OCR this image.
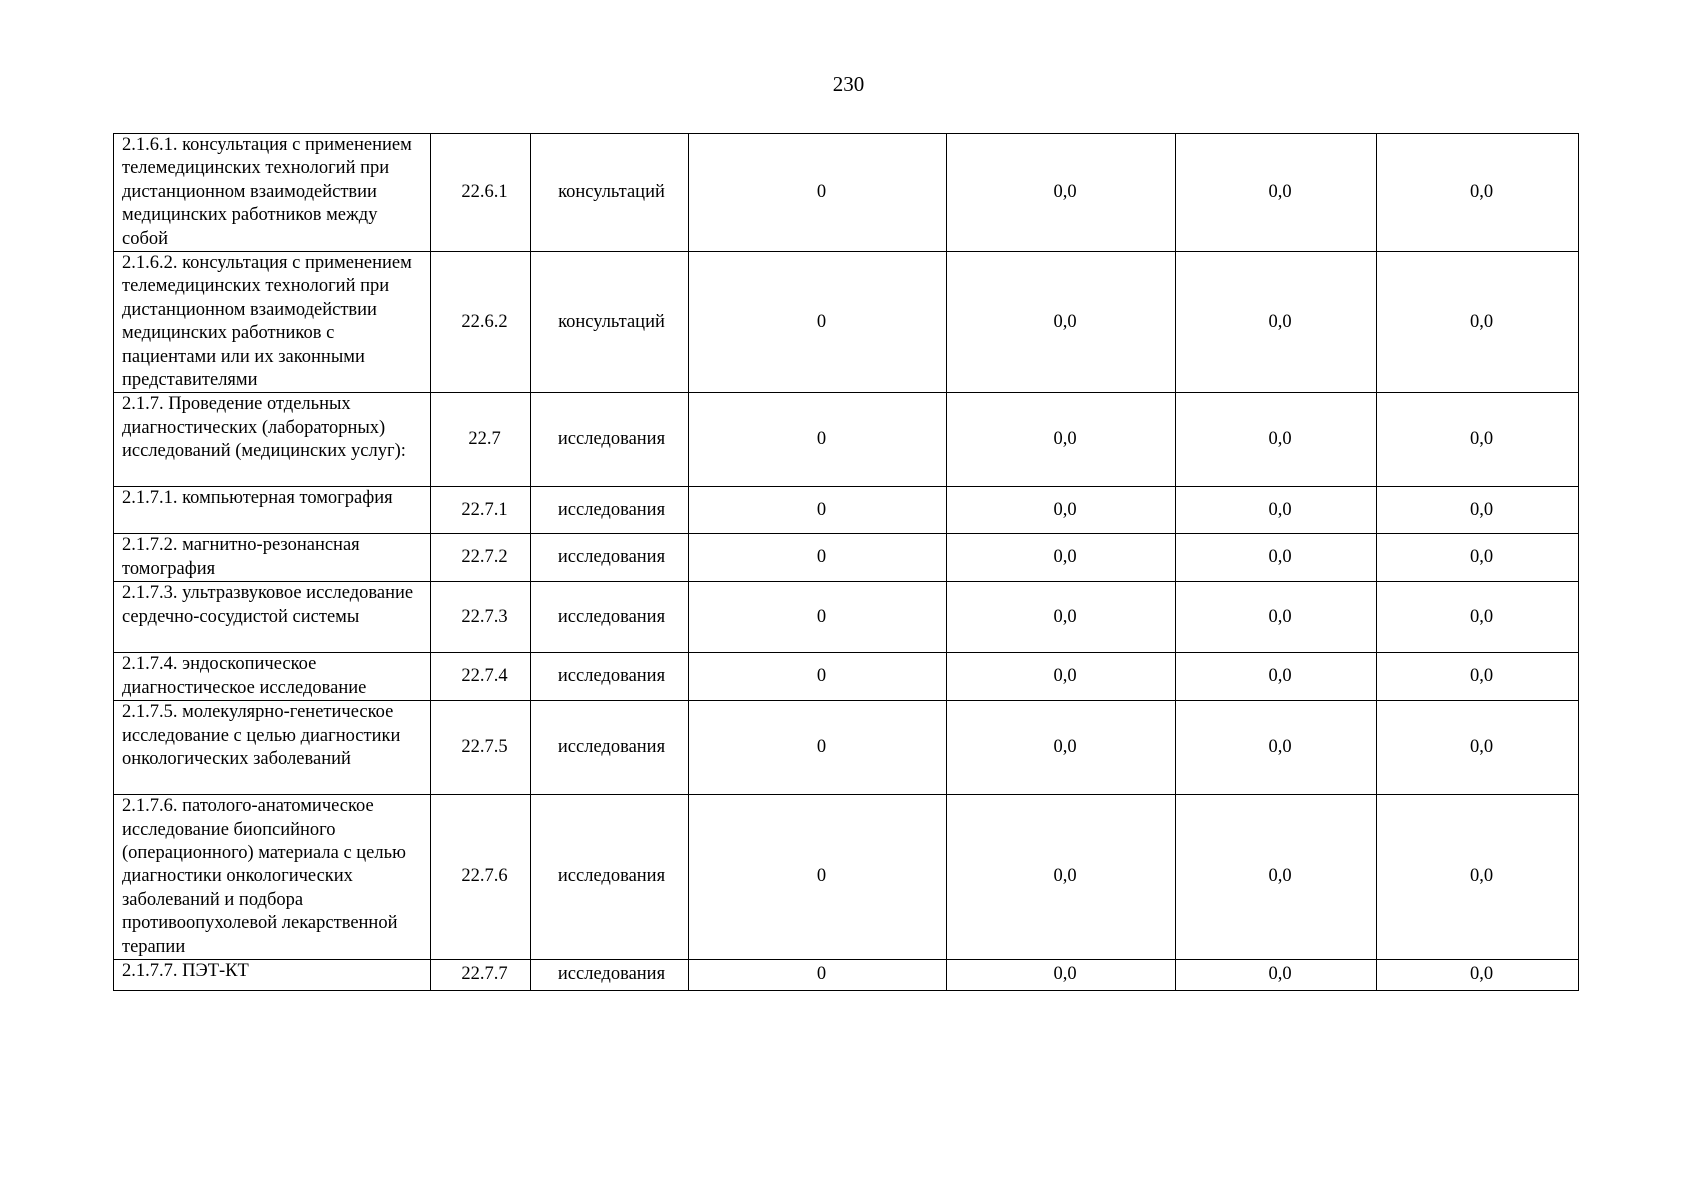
230
2.1.6.1. консультация с применением телемедицинских технологий при дистанционном взаимодействии медицинских работников между собой	22.6.1	консультаций	0	0,0	0,0	0,0
2.1.6.2. консультация с применением телемедицинских технологий при дистанционном взаимодействии медицинских работников с пациентами или их законными представителями	22.6.2	консультаций	0	0,0	0,0	0,0
2.1.7. Проведение отдельных диагностических (лабораторных) исследований (медицинских услуг):	22.7	исследования	0	0,0	0,0	0,0
2.1.7.1. компьютерная томография	22.7.1	исследования	0	0,0	0,0	0,0
2.1.7.2. магнитно-резонансная томография	22.7.2	исследования	0	0,0	0,0	0,0
2.1.7.3. ультразвуковое исследование сердечно-сосудистой системы	22.7.3	исследования	0	0,0	0,0	0,0
2.1.7.4. эндоскопическое диагностическое исследование	22.7.4	исследования	0	0,0	0,0	0,0
2.1.7.5. молекулярно-генетическое исследование с целью диагностики онкологических заболеваний	22.7.5	исследования	0	0,0	0,0	0,0
2.1.7.6. патолого-анатомическое исследование биопсийного (операционного) материала с целью диагностики онкологических заболеваний и подбора противоопухолевой лекарственной терапии	22.7.6	исследования	0	0,0	0,0	0,0
2.1.7.7. ПЭТ-КТ	22.7.7	исследования	0	0,0	0,0	0,0
